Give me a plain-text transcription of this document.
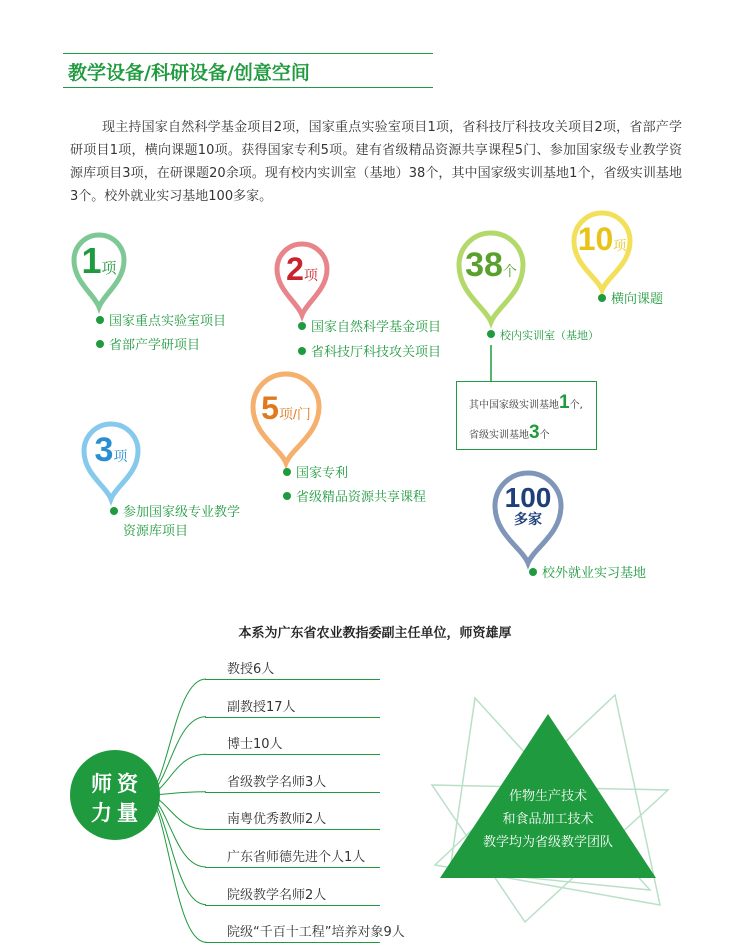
教学设备/科研设备/创意空间
现主持国家自然科学基金项目2项，国家重点实验室项目1项，省科技厅科技攻关项目2项，省部产学研项目1项，横向课题10项。获得国家专利5项。建有省级精品资源共享课程5门、参加国家级专业教学资源库项目3项，在研课题20余项。现有校内实训室（基地）38个，其中国家级实训基地1个，省级实训基地3个。校外就业实习基地100多家。
1项
国家重点实验室项目
省部产学研项目
2项
国家自然科学基金项目
省科技厅科技攻关项目
38个
校内实训室（基地）
其中国家级实训基地1个,
省级实训基地3个
10项
横向课题
5项/门
国家专利
省级精品资源共享课程
3项
参加国家级专业教学
资源库项目
100
多家
校外就业实习基地
本系为广东省农业教指委副主任单位，师资雄厚
师资
力量
教授6人
副教授17人
博士10人
省级教学名师3人
南粤优秀教师2人
广东省师德先进个人1人
院级教学名师2人
院级“千百十工程”培养对象9人
作物生产技术
和食品加工技术
教学均为省级教学团队
